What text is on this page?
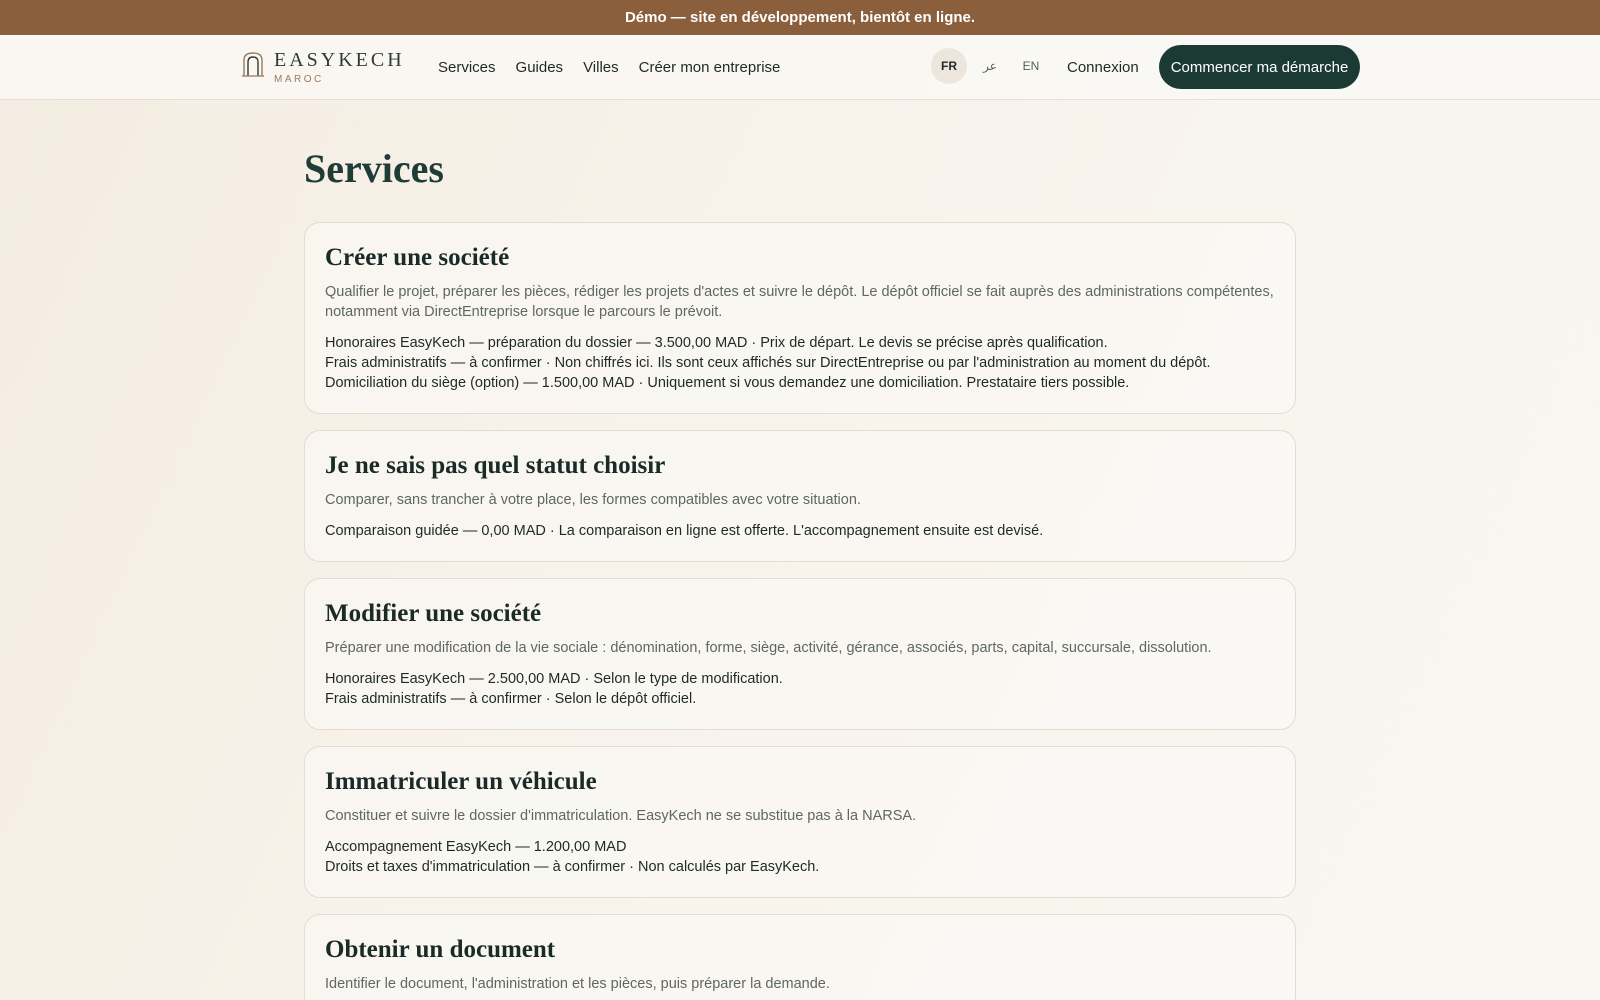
Démo — site en développement, bientôt en ligne.
EASYKECH
MAROC
Services Guides Villes Créer mon entreprise	FR	عر	EN	Connexion	Commencer ma démarche
Services
Créer une société

Qualifier le projet, préparer les pièces, rédiger les projets d'actes et suivre le dépôt. Le dépôt officiel se fait auprès des administrations compétentes, notamment via DirectEntreprise lorsque le parcours le prévoit.

Honoraires EasyKech — préparation du dossier — 3.500,00 MAD · Prix de départ. Le devis se précise après qualification.
Frais administratifs — à confirmer · Non chiffrés ici. Ils sont ceux affichés sur DirectEntreprise ou par l'administration au moment du dépôt.
Domiciliation du siège (option) — 1.500,00 MAD · Uniquement si vous demandez une domiciliation. Prestataire tiers possible.
Je ne sais pas quel statut choisir

Comparer, sans trancher à votre place, les formes compatibles avec votre situation.

Comparaison guidée — 0,00 MAD · La comparaison en ligne est offerte. L'accompagnement ensuite est devisé.
Modifier une société

Préparer une modification de la vie sociale : dénomination, forme, siège, activité, gérance, associés, parts, capital, succursale, dissolution.

Honoraires EasyKech — 2.500,00 MAD · Selon le type de modification.
Frais administratifs — à confirmer · Selon le dépôt officiel.
Immatriculer un véhicule

Constituer et suivre le dossier d'immatriculation. EasyKech ne se substitue pas à la NARSA.

Accompagnement EasyKech — 1.200,00 MAD
Droits et taxes d'immatriculation — à confirmer · Non calculés par EasyKech.
Obtenir un document

Identifier le document, l'administration et les pièces, puis préparer la demande.
